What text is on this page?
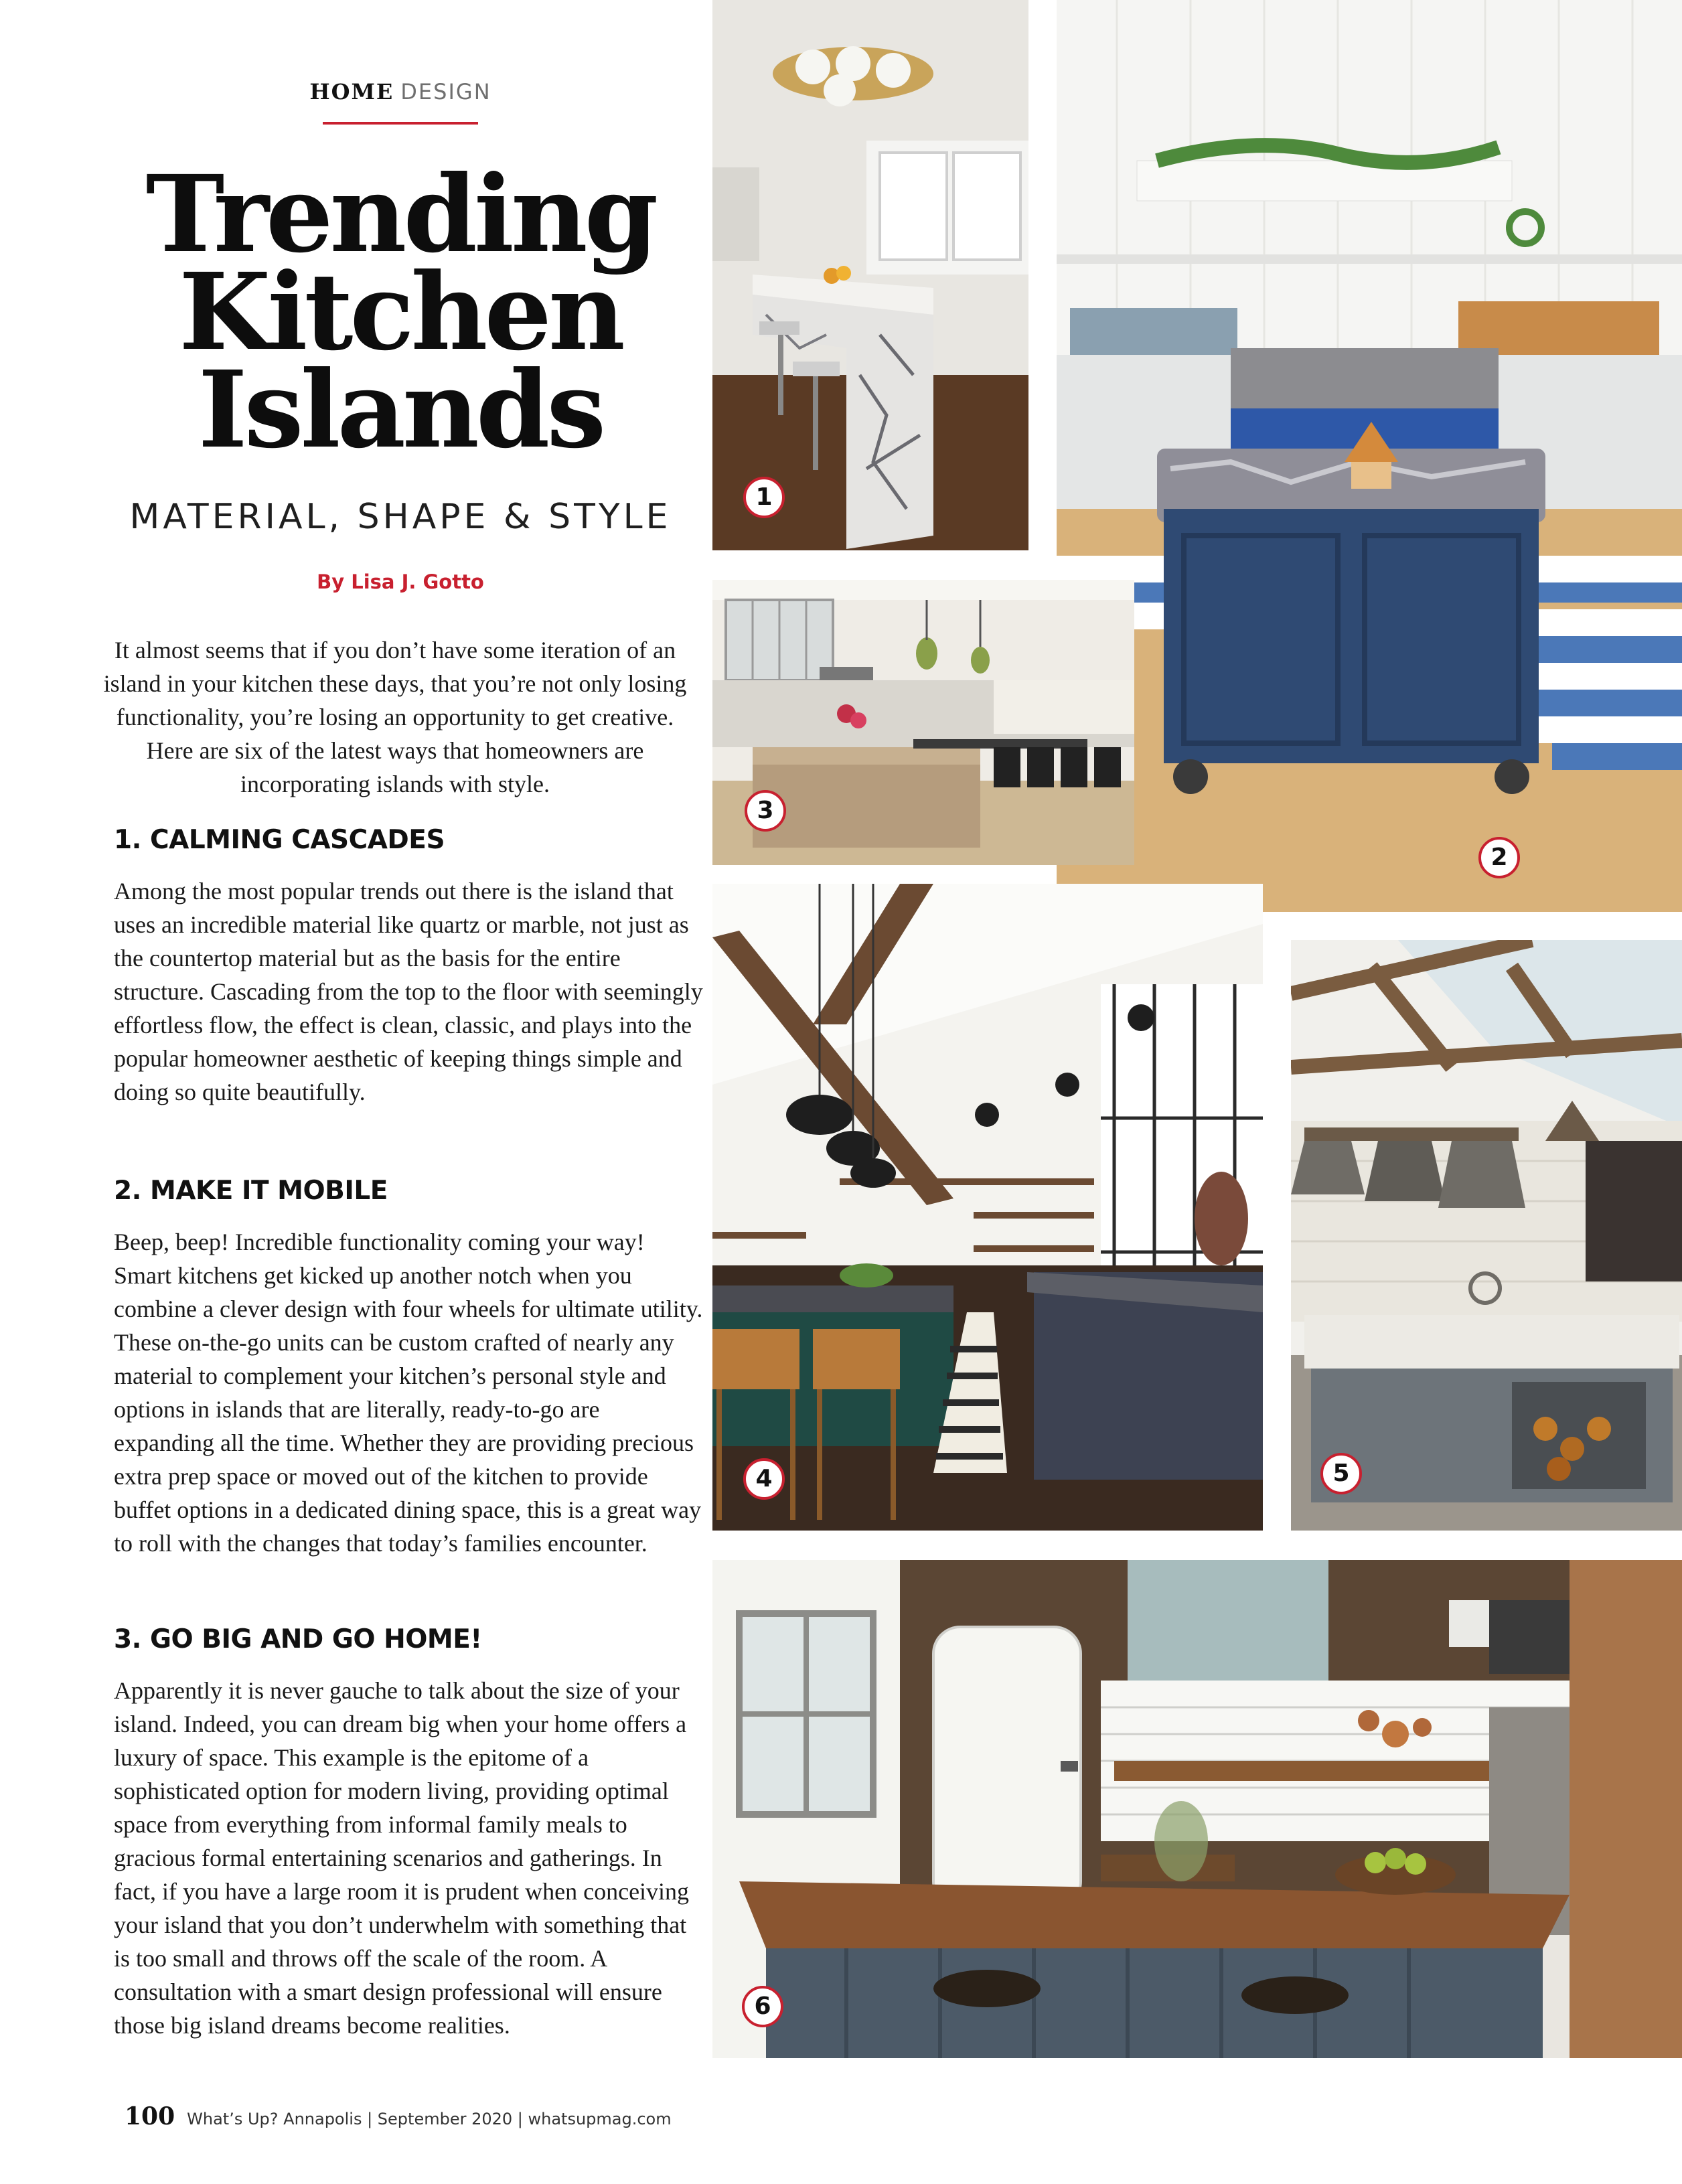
HOME DESIGN
Trending
Kitchen
Islands
MATERIAL, SHAPE & STYLE
By Lisa J. Gotto
It almost seems that if you don’t have some iteration of an island in your kitchen these days, that you’re not only losing functionality, you’re losing an opportunity to get creative. Here are six of the latest ways that homeowners are incorporating islands with style.
1. CALMING CASCADES
Among the most popular trends out there is the island that uses an incredible material like quartz or marble, not just as the countertop material but as the basis for the entire structure. Cascading from the top to the floor with seemingly effortless flow, the effect is clean, classic, and plays into the popular homeowner aesthetic of keeping things simple and doing so quite beautifully.
2. MAKE IT MOBILE
Beep, beep! Incredible functionality coming your way! Smart kitchens get kicked up another notch when you combine a clever design with four wheels for ultimate utility. These on-the-go units can be custom crafted of nearly any material to complement your kitchen’s personal style and options in islands that are literally, ready-to-go are expanding all the time. Whether they are providing precious extra prep space or moved out of the kitchen to provide buffet options in a dedicated dining space, this is a great way to roll with the changes that today’s families encounter.
3. GO BIG AND GO HOME!
Apparently it is never gauche to talk about the size of your island. Indeed, you can dream big when your home offers a luxury of space. This example is the epitome of a sophisticated option for modern living, providing optimal space from everything from informal family meals to gracious formal entertaining scenarios and gatherings. In fact, if you have a large room it is prudent when conceiving your island that you don’t underwhelm with something that is too small and throws off the scale of the room. A consultation with a smart design professional will ensure those big island dreams become realities.
100 What’s Up? Annapolis | September 2020 | whatsupmag.com
1
2
3
4	5
6
